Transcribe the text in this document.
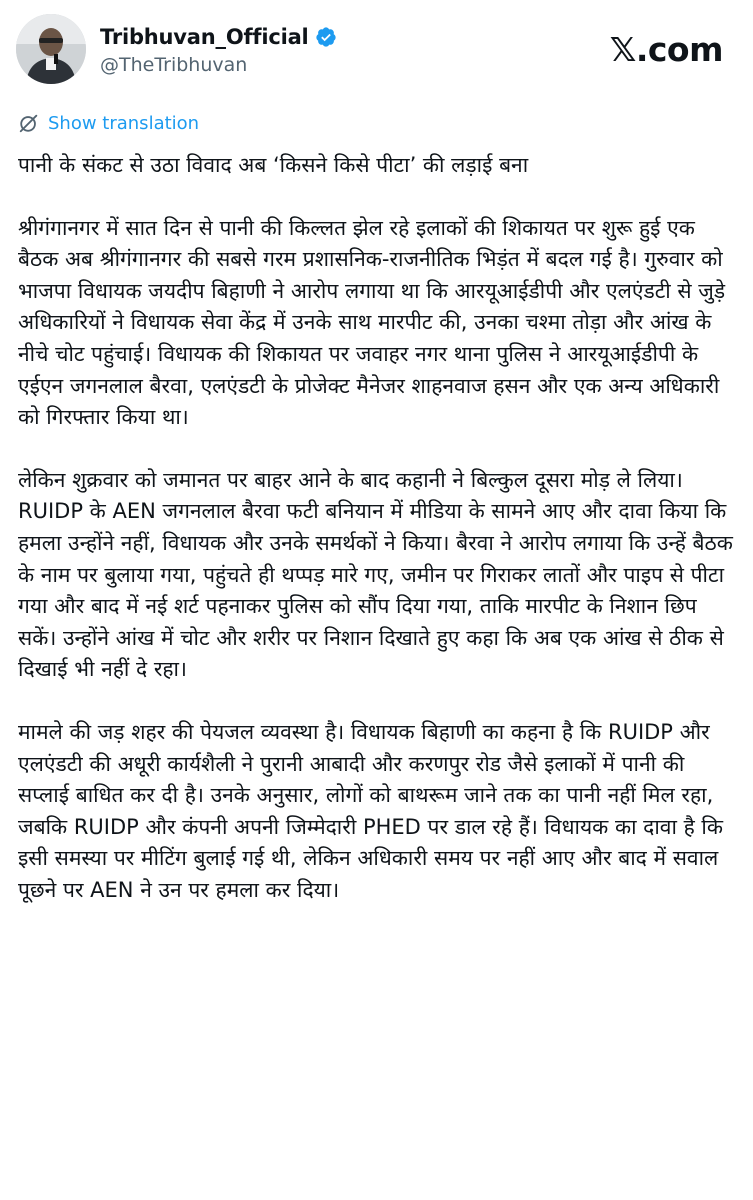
Tribhuvan_Official
@TheTribhuvan	𝕏.com
Show translation

पानी के संकट से उठा विवाद अब ‘किसने किसे पीटा’ की लड़ाई बना

श्रीगंगानगर में सात दिन से पानी की किल्लत झेल रहे इलाकों की शिकायत पर शुरू हुई एक बैठक अब श्रीगंगानगर की सबसे गरम प्रशासनिक-राजनीतिक भिड़ंत में बदल गई है। गुरुवार को भाजपा विधायक जयदीप बिहाणी ने आरोप लगाया था कि आरयूआईडीपी और एलएंडटी से जुड़े अधिकारियों ने विधायक सेवा केंद्र में उनके साथ मारपीट की, उनका चश्मा तोड़ा और आंख के नीचे चोट पहुंचाई। विधायक की शिकायत पर जवाहर नगर थाना पुलिस ने आरयूआईडीपी के एईएन जगनलाल बैरवा, एलएंडटी के प्रोजेक्ट मैनेजर शाहनवाज हसन और एक अन्य अधिकारी को गिरफ्तार किया था।

लेकिन शुक्रवार को जमानत पर बाहर आने के बाद कहानी ने बिल्कुल दूसरा मोड़ ले लिया। RUIDP के AEN जगनलाल बैरवा फटी बनियान में मीडिया के सामने आए और दावा किया कि हमला उन्होंने नहीं, विधायक और उनके समर्थकों ने किया। बैरवा ने आरोप लगाया कि उन्हें बैठक के नाम पर बुलाया गया, पहुंचते ही थप्पड़ मारे गए, जमीन पर गिराकर लातों और पाइप से पीटा गया और बाद में नई शर्ट पहनाकर पुलिस को सौंप दिया गया, ताकि मारपीट के निशान छिप सकें। उन्होंने आंख में चोट और शरीर पर निशान दिखाते हुए कहा कि अब एक आंख से ठीक से दिखाई भी नहीं दे रहा।

मामले की जड़ शहर की पेयजल व्यवस्था है। विधायक बिहाणी का कहना है कि RUIDP और एलएंडटी की अधूरी कार्यशैली ने पुरानी आबादी और करणपुर रोड जैसे इलाकों में पानी की सप्लाई बाधित कर दी है। उनके अनुसार, लोगों को बाथरूम जाने तक का पानी नहीं मिल रहा, जबकि RUIDP और कंपनी अपनी जिम्मेदारी PHED पर डाल रहे हैं। विधायक का दावा है कि इसी समस्या पर मीटिंग बुलाई गई थी, लेकिन अधिकारी समय पर नहीं आए और बाद में सवाल पूछने पर AEN ने उन पर हमला कर दिया।
